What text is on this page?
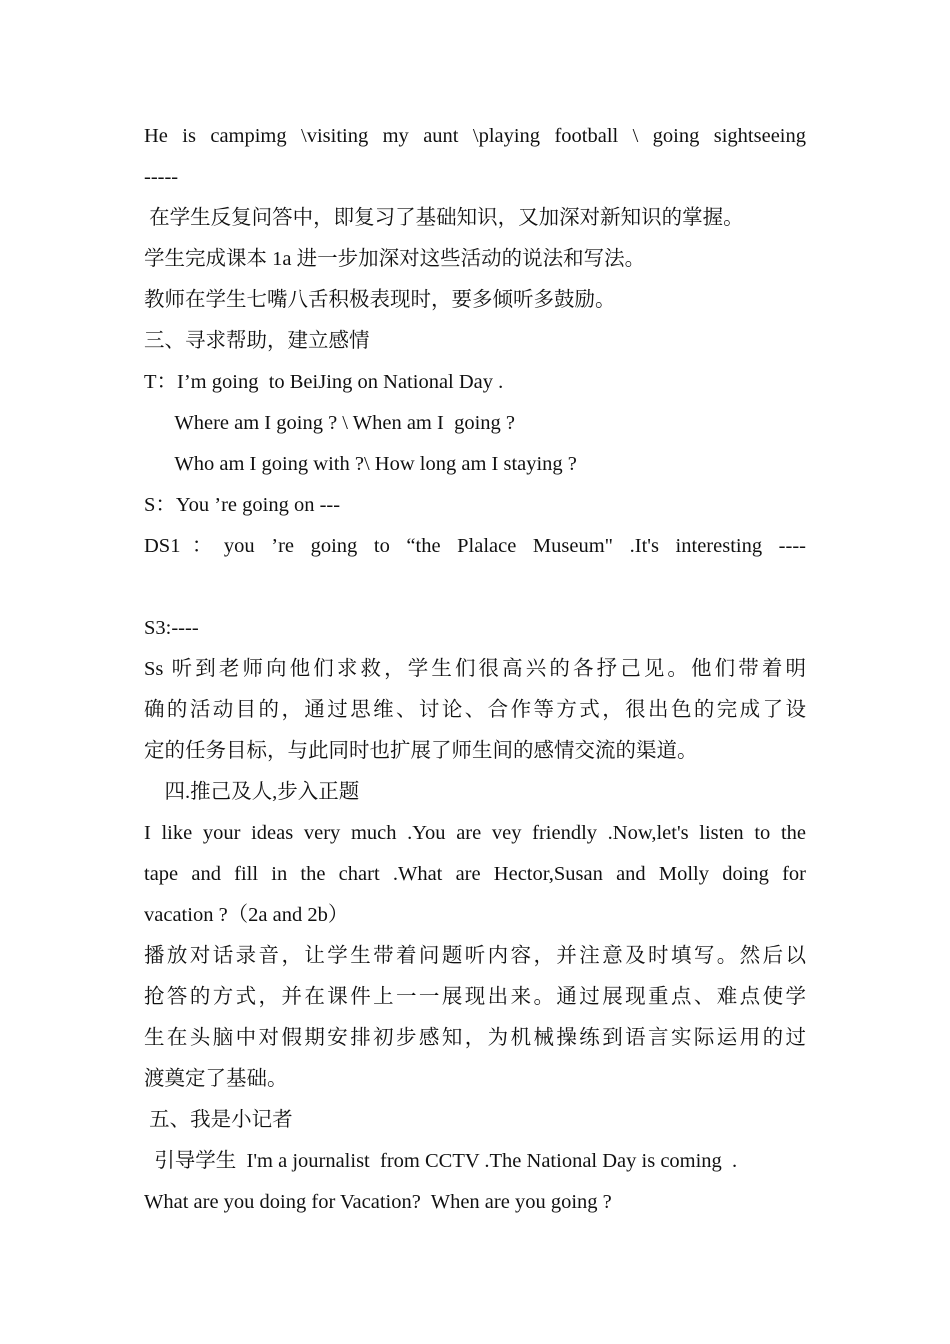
He is campimg \visiting my aunt \playing football \ going sightseeing
-----
在学生反复问答中，即复习了基础知识，又加深对新知识的掌握。
学生完成课本 1a 进一步加深对这些活动的说法和写法。
教师在学生七嘴八舌积极表现时，要多倾听多鼓励。
三、寻求帮助，建立感情
T：I’m going  to BeiJing on National Day .
Where am I going ? \ When am I  going ?
Who am I going with ?\ How long am I staying ?
S：You ’re going on ---
DS1：you ’re going to “the Plalace Museum" .It's interesting ----
S3:----
Ss 听到老师向他们求救，学生们很高兴的各抒己见。他们带着明
确的活动目的，通过思维、讨论、合作等方式，很出色的完成了设
定的任务目标，与此同时也扩展了师生间的感情交流的渠道。
四.推己及人,步入正题
I like your ideas very much .You are vey friendly .Now,let's listen to the
tape and fill in the chart .What are Hector,Susan and Molly doing for
vacation ?（2a and 2b）
播放对话录音，让学生带着问题听内容，并注意及时填写。然后以
抢答的方式，并在课件上一一展现出来。通过展现重点、难点使学
生在头脑中对假期安排初步感知，为机械操练到语言实际运用的过
渡奠定了基础。
五、我是小记者
引导学生  I'm a journalist  from CCTV .The National Day is coming  .
What are you doing for Vacation?  When are you going ?
